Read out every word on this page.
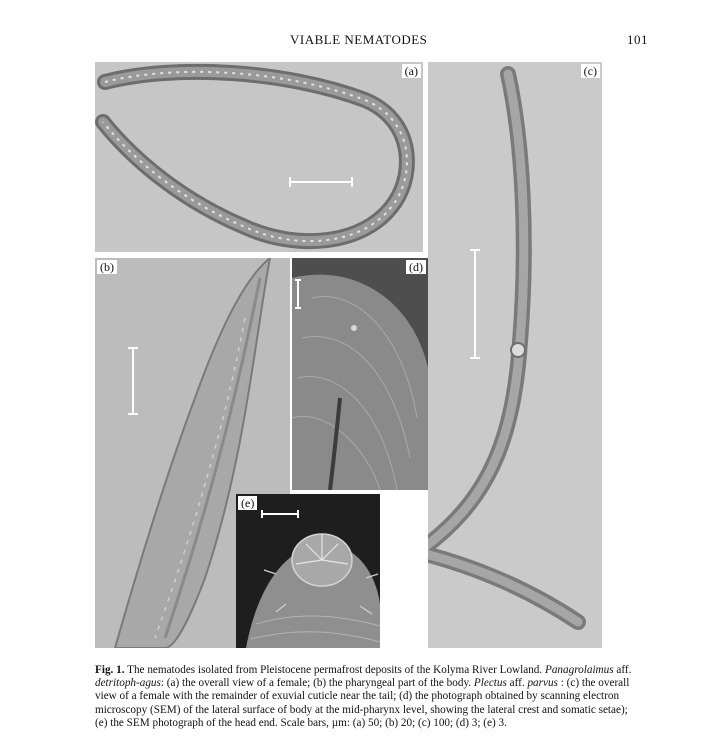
VIABLE NEMATODES	101
(a)
(b)
(c)
(d)
(e)
Fig. 1. The nematodes isolated from Pleistocene permafrost deposits of the Kolyma River Lowland. Panagrolaimus aff. detritoph-agus: (a) the overall view of a female; (b) the pharyngeal part of the body. Plectus aff. parvus : (c) the overall view of a female with the remainder of exuvial cuticle near the tail; (d) the photograph obtained by scanning electron microscopy (SEM) of the lateral surface of body at the mid-pharynx level, showing the lateral crest and somatic setae); (e) the SEM photograph of the head end. Scale bars, µm: (a) 50; (b) 20; (c) 100; (d) 3; (e) 3.
